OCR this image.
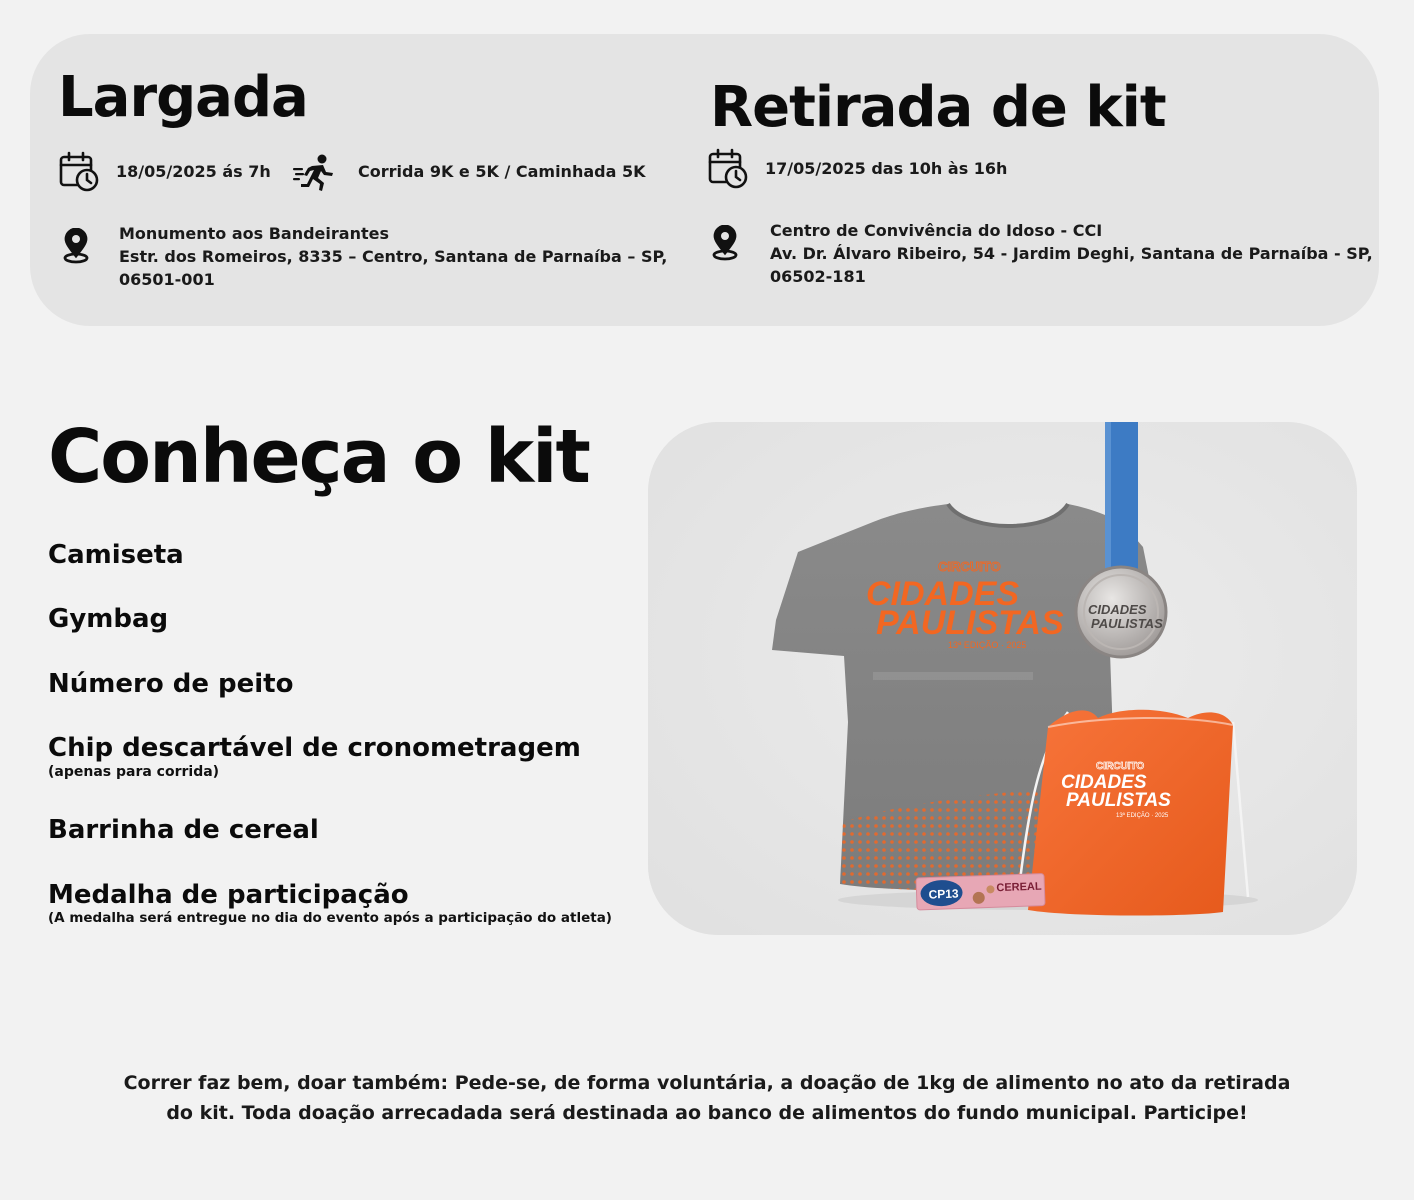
Largada
18/05/2025 ás 7h	Corrida 9K e 5K / Caminhada 5K
Monumento aos Bandeirantes
Estr. dos Romeiros, 8335 – Centro, Santana de Parnaíba – SP,
06501-001
Retirada de kit
17/05/2025 das 10h às 16h
Centro de Convivência do Idoso - CCI
Av. Dr. Álvaro Ribeiro, 54 - Jardim Deghi, Santana de Parnaíba - SP,
06502-181
Conheça o kit
Camiseta
Gymbag
Número de peito
Chip descartável de cronometragem
(apenas para corrida)
Barrinha de cereal
Medalha de participação
(A medalha será entregue no dia do evento após a participação do atleta)
CIRCUITO
CIDADES
PAULISTAS
13ª EDIÇÃO · 2025
CIDADES
PAULISTAS
CIRCUITO
CIDADES
PAULISTAS
13ª EDIÇÃO · 2025
CP13	CEREAL
Correr faz bem, doar também: Pede-se, de forma voluntária, a doação de 1kg de alimento no ato da retirada
do kit. Toda doação arrecadada será destinada ao banco de alimentos do fundo municipal. Participe!
